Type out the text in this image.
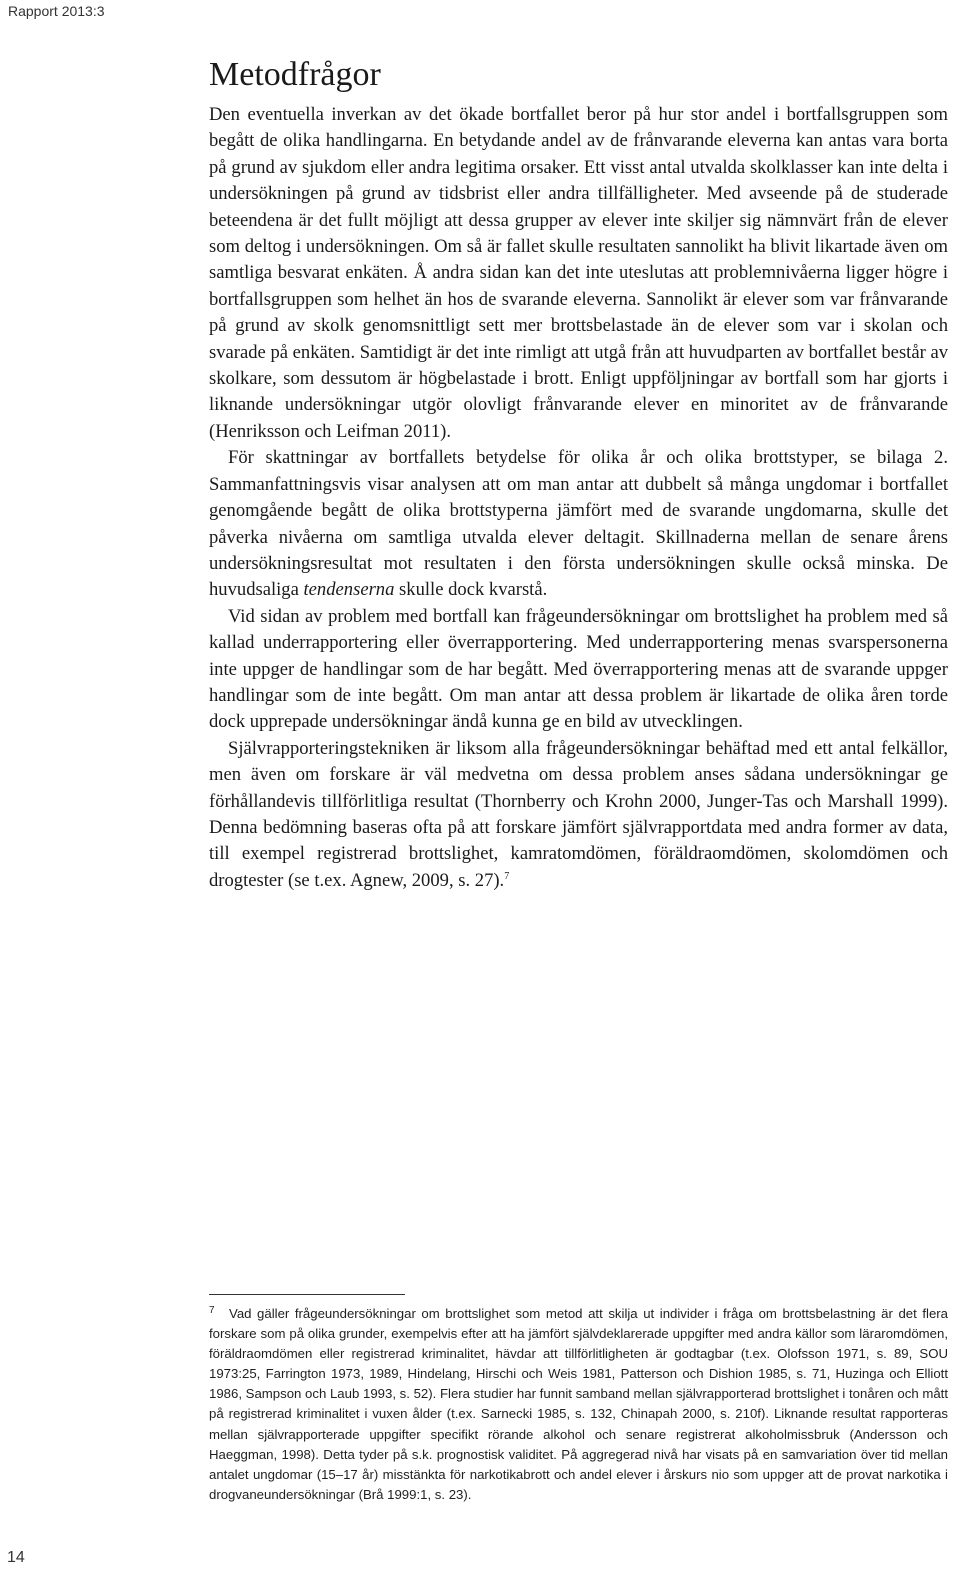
Rapport 2013:3
Metodfrågor

Den eventuella inverkan av det ökade bortfallet beror på hur stor andel i bortfallsgruppen som begått de olika handlingarna. En betydande andel av de frånvarande eleverna kan antas vara borta på grund av sjukdom eller andra legitima orsaker. Ett visst antal utvalda skolklasser kan inte delta i undersökningen på grund av tidsbrist eller andra tillfälligheter. Med avseende på de studerade beteendena är det fullt möjligt att dessa grupper av elever inte skiljer sig nämnvärt från de elever som deltog i undersökningen. Om så är fallet skulle resultaten sannolikt ha blivit likartade även om samtliga besvarat enkäten. Å andra sidan kan det inte uteslutas att problemnivåerna ligger högre i bortfallsgruppen som helhet än hos de svarande eleverna. Sannolikt är elever som var frånvarande på grund av skolk genomsnittligt sett mer brottsbelastade än de elever som var i skolan och svarade på enkäten. Samtidigt är det inte rimligt att utgå från att huvudparten av bortfallet består av skolkare, som dessutom är högbelastade i brott. Enligt uppföljningar av bortfall som har gjorts i liknande undersökningar utgör olovligt frånvarande elever en minoritet av de frånvarande (Henriksson och Leifman 2011).

För skattningar av bortfallets betydelse för olika år och olika brottstyper, se bilaga 2. Sammanfattningsvis visar analysen att om man antar att dubbelt så många ungdomar i bortfallet genomgående begått de olika brottstyperna jämfört med de svarande ungdomarna, skulle det påverka nivåerna om samtliga utvalda elever deltagit. Skillnaderna mellan de senare årens undersökningsresultat mot resultaten i den första undersökningen skulle också minska. De huvudsaliga tendenserna skulle dock kvarstå.

Vid sidan av problem med bortfall kan frågeundersökningar om brottslighet ha problem med så kallad underrapportering eller överrapportering. Med underrapportering menas svarspersonerna inte uppger de handlingar som de har begått. Med överrapportering menas att de svarande uppger handlingar som de inte begått. Om man antar att dessa problem är likartade de olika åren torde dock upprepade undersökningar ändå kunna ge en bild av utvecklingen.

Självrapporteringstekniken är liksom alla frågeundersökningar behäftad med ett antal felkällor, men även om forskare är väl medvetna om dessa problem anses sådana undersökningar ge förhållandevis tillförlitliga resultat (Thornberry och Krohn 2000, Junger-Tas och Marshall 1999). Denna bedömning baseras ofta på att forskare jämfört självrapportdata med andra former av data, till exempel registrerad brottslighet, kamratomdömen, föräldraomdömen, skolomdömen och drogtester (se t.ex. Agnew, 2009, s. 27).$^7$

7 Vad gäller frågeundersökningar om brottslighet som metod att skilja ut individer i fråga om brottsbelastning är det flera forskare som på olika grunder, exempelvis efter att ha jämfört självdeklarerade uppgifter med andra källor som läraromdömen, föräldraomdömen eller registrerad kriminalitet, hävdar att tillförlitligheten är godtagbar (t.ex. Olofsson 1971, s. 89, SOU 1973:25, Farrington 1973, 1989, Hindelang, Hirschi och Weis 1981, Patterson och Dishion 1985, s. 71, Huzinga och Elliott 1986, Sampson och Laub 1993, s. 52). Flera studier har funnit samband mellan självrapporterad brottslighet i tonåren och mått på registrerad kriminalitet i vuxen ålder (t.ex. Sarnecki 1985, s. 132, Chinapah 2000, s. 210f). Liknande resultat rapporteras mellan självrapporterade uppgifter specifikt rörande alkohol och senare registrerat alkoholmissbruk (Andersson och Haeggman, 1998). Detta tyder på s.k. prognostisk validitet. På aggregerad nivå har visats på en samvariation över tid mellan antalet ungdomar (15–17 år) misstänkta för narkotikabrott och andel elever i årskurs nio som uppger att de provat narkotika i drogvaneundersökningar (Brå 1999:1, s. 23).

14
